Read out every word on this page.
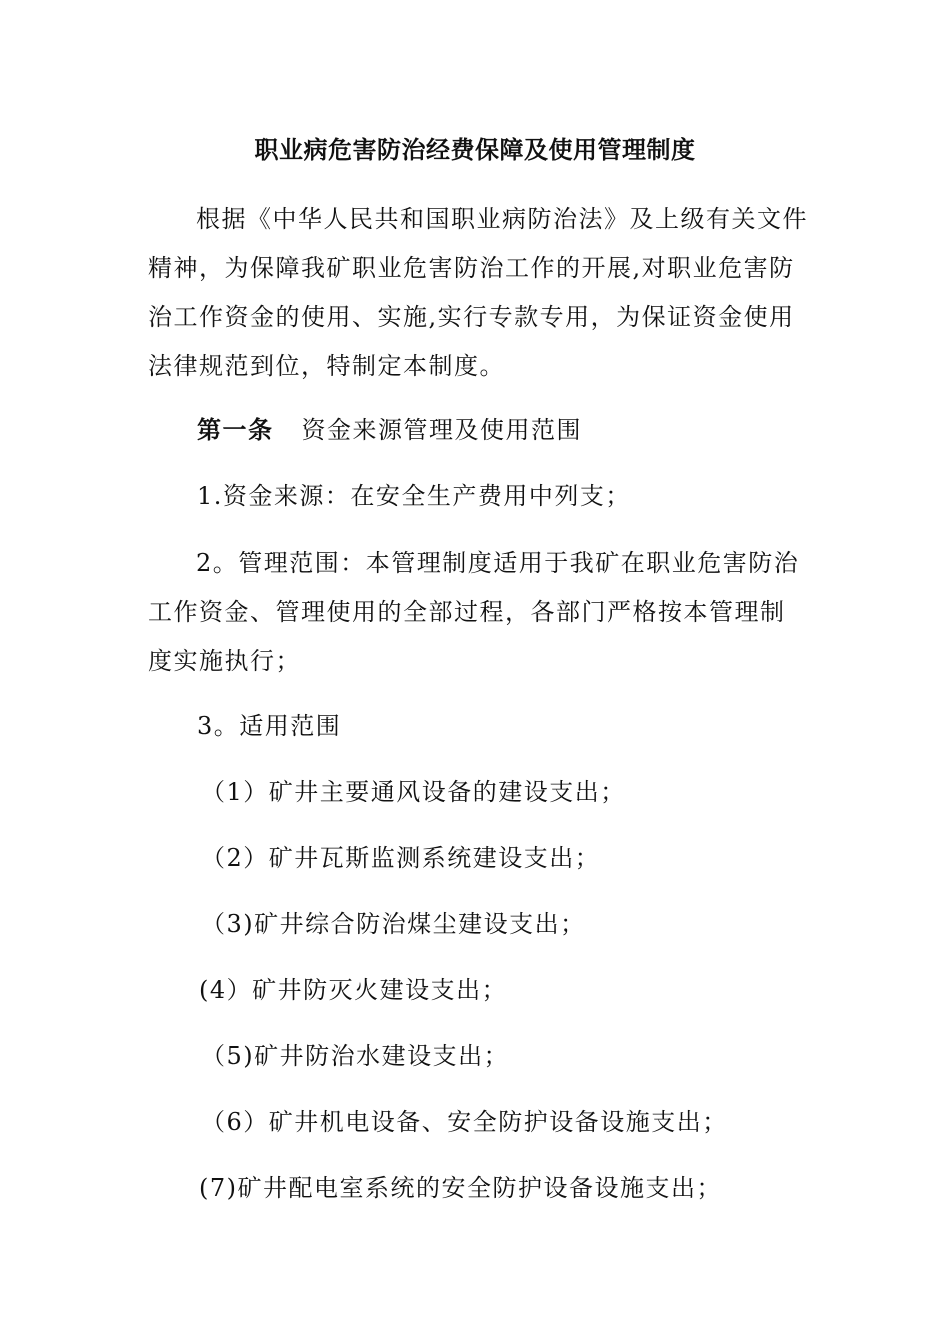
职业病危害防治经费保障及使用管理制度

根据《中华人民共和国职业病防治法》及上级有关文件精神，为保障我矿职业危害防治工作的开展,对职业危害防治工作资金的使用、实施,实行专款专用，为保证资金使用法律规范到位，特制定本制度。

第一条 资金来源管理及使用范围
1.资金来源：在安全生产费用中列支；

2。管理范围：本管理制度适用于我矿在职业危害防治工作资金、管理使用的全部过程，各部门严格按本管理制度实施执行；

3。适用范围
（1）矿井主要通风设备的建设支出；
（2）矿井瓦斯监测系统建设支出；
（3)矿井综合防治煤尘建设支出；
(4）矿井防灭火建设支出；
（5)矿井防治水建设支出；
（6）矿井机电设备、安全防护设备设施支出；
(7)矿井配电室系统的安全防护设备设施支出；
